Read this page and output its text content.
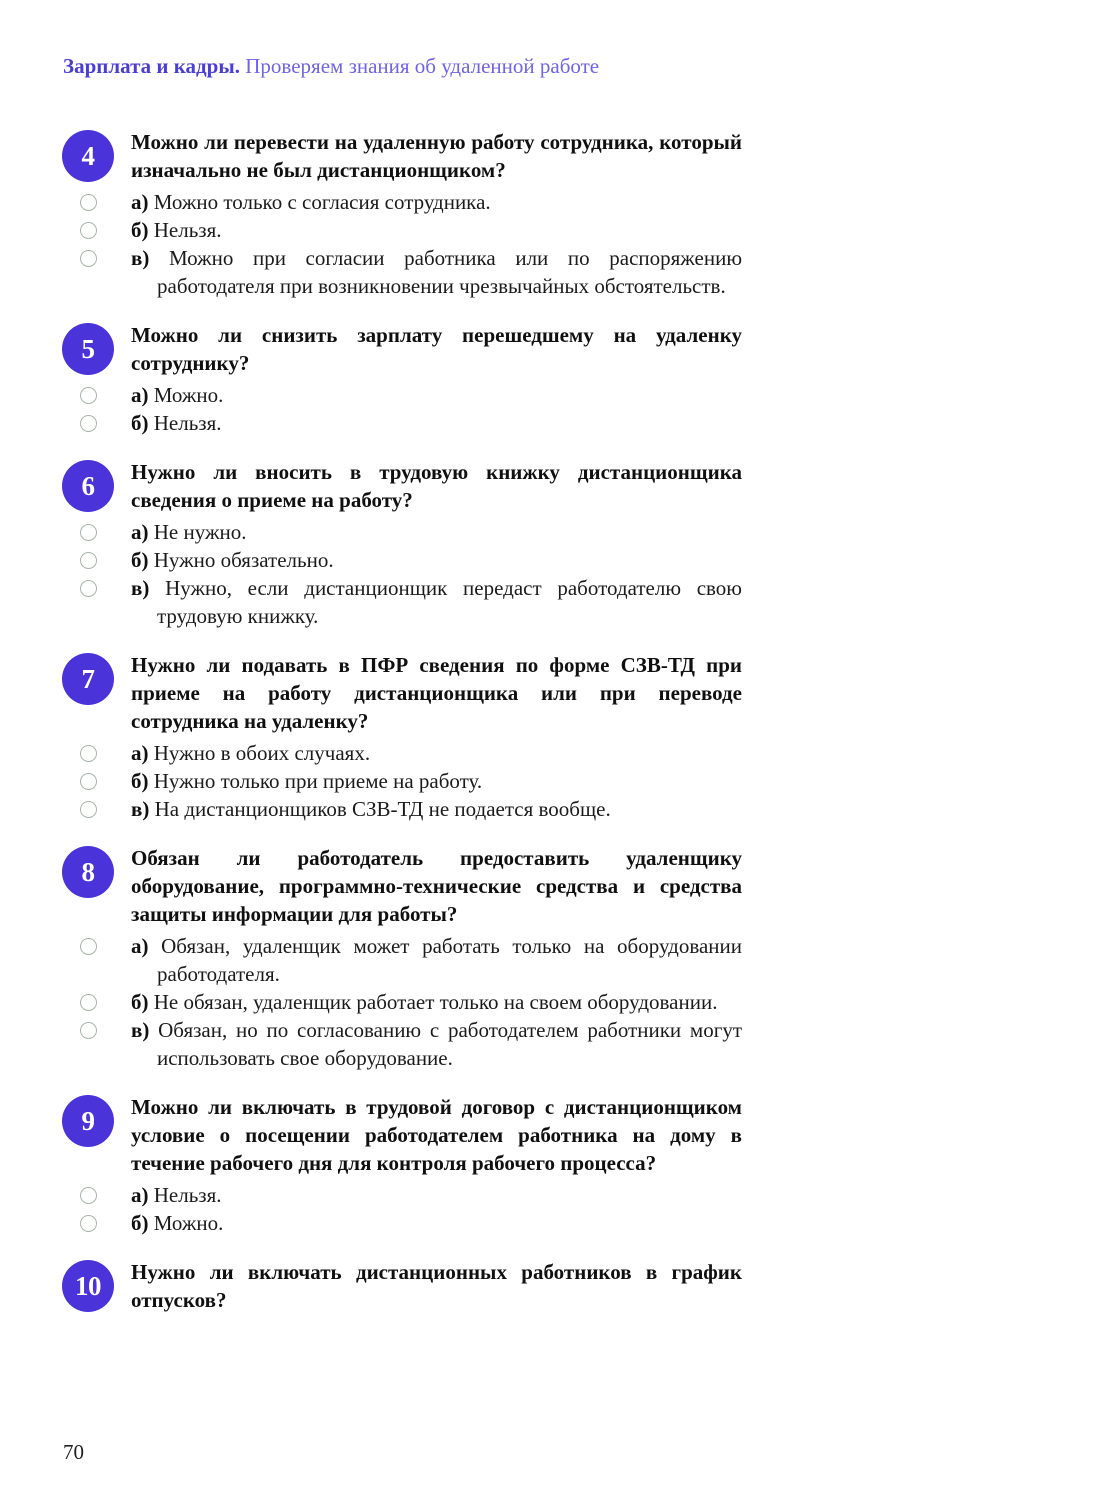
Зарплата и кадры. Проверяем знания об удаленной работе

4 Можно ли перевести на удаленную работу сотрудника, который изначально не был дистанционщиком?

а) Можно только с согласия сотрудника.

б) Нельзя.

в) Можно при согласии работника или по распоряжению работодателя при возникновении чрезвычайных обстоятельств.

5 Можно ли снизить зарплату перешедшему на удаленку сотруднику?

а) Можно.

б) Нельзя.

6 Нужно ли вносить в трудовую книжку дистанционщика сведения о приеме на работу?

а) Не нужно.

б) Нужно обязательно.

в) Нужно, если дистанционщик передаст работодателю свою трудовую книжку.

7 Нужно ли подавать в ПФР сведения по форме СЗВ-ТД при приеме на работу дистанционщика или при переводе сотрудника на удаленку?

а) Нужно в обоих случаях.

б) Нужно только при приеме на работу.

в) На дистанционщиков СЗВ-ТД не подается вообще.

8 Обязан ли работодатель предоставить удаленщику оборудование, программно-технические средства и средства защиты информации для работы?

а) Обязан, удаленщик может работать только на оборудовании работодателя.

б) Не обязан, удаленщик работает только на своем оборудовании.

в) Обязан, но по согласованию с работодателем работники могут использовать свое оборудование.

9 Можно ли включать в трудовой договор с дистанционщиком условие о посещении работодателем работника на дому в течение рабочего дня для контроля рабочего процесса?

а) Нельзя.

б) Можно.

10 Нужно ли включать дистанционных работников в график отпусков?

70
